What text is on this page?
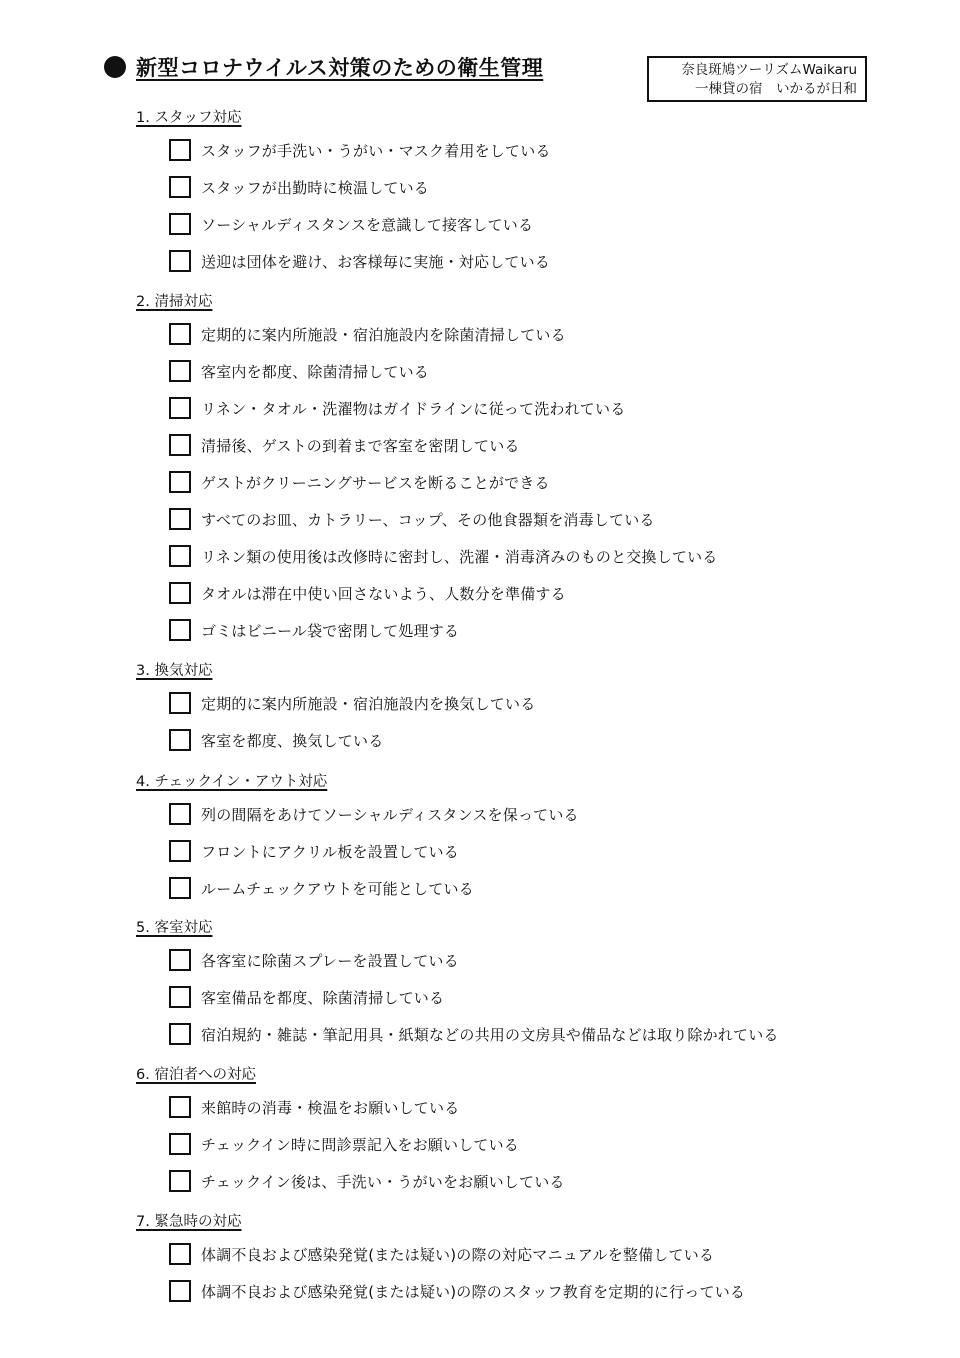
新型コロナウイルス対策のための衛生管理	奈良斑鳩ツーリズムWaikaru
一棟貸の宿　いかるが日和
1. スタッフ対応
スタッフが手洗い・うがい・マスク着用をしている
スタッフが出勤時に検温している
ソーシャルディスタンスを意識して接客している
送迎は団体を避け、お客様毎に実施・対応している
2. 清掃対応
定期的に案内所施設・宿泊施設内を除菌清掃している
客室内を都度、除菌清掃している
リネン・タオル・洗濯物はガイドラインに従って洗われている
清掃後、ゲストの到着まで客室を密閉している
ゲストがクリーニングサービスを断ることができる
すべてのお皿、カトラリー、コップ、その他食器類を消毒している
リネン類の使用後は改修時に密封し、洗濯・消毒済みのものと交換している
タオルは滞在中使い回さないよう、人数分を準備する
ゴミはビニール袋で密閉して処理する
3. 換気対応
定期的に案内所施設・宿泊施設内を換気している
客室を都度、換気している
4. チェックイン・アウト対応
列の間隔をあけてソーシャルディスタンスを保っている
フロントにアクリル板を設置している
ルームチェックアウトを可能としている
5. 客室対応
各客室に除菌スプレーを設置している
客室備品を都度、除菌清掃している
宿泊規約・雑誌・筆記用具・紙類などの共用の文房具や備品などは取り除かれている
6. 宿泊者への対応
来館時の消毒・検温をお願いしている
チェックイン時に問診票記入をお願いしている
チェックイン後は、手洗い・うがいをお願いしている
7. 緊急時の対応
体調不良および感染発覚(または疑い)の際の対応マニュアルを整備している
体調不良および感染発覚(または疑い)の際のスタッフ教育を定期的に行っている
